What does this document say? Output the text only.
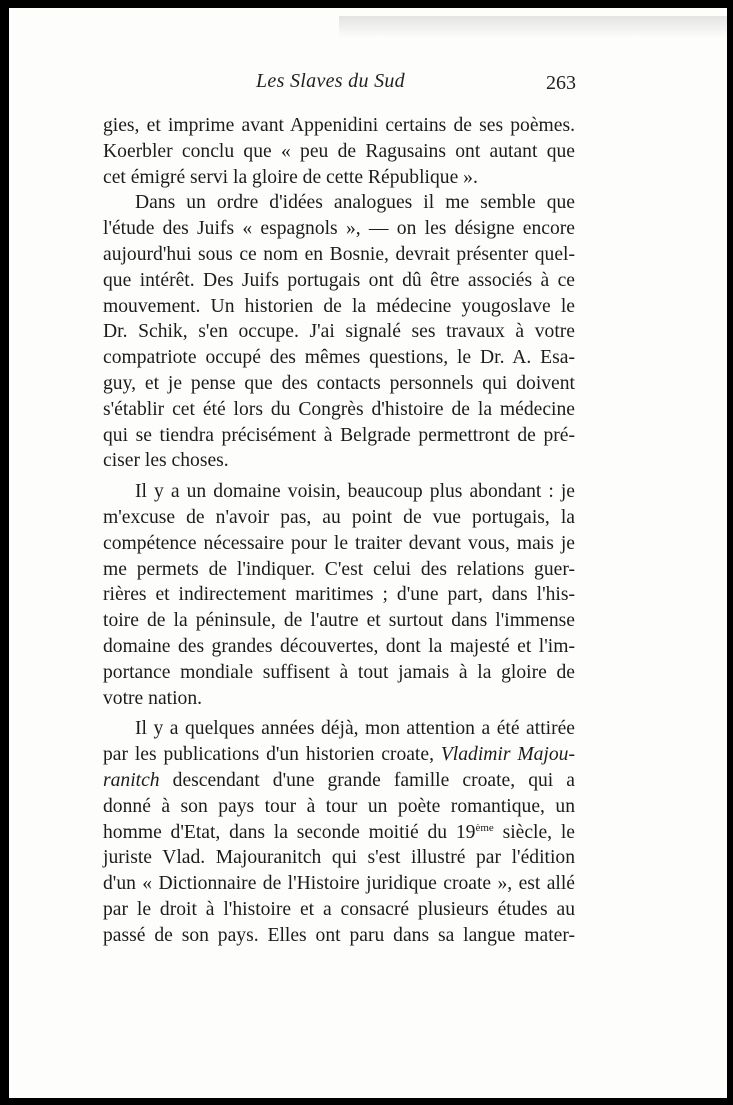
Les Slaves du Sud	263
gies, et imprime avant Appenidini certains de ses poèmes.
Koerbler conclu que « peu de Ragusains ont autant que
cet émigré servi la gloire de cette République ».
Dans un ordre d'idées analogues il me semble que
l'étude des Juifs « espagnols », — on les désigne encore
aujourd'hui sous ce nom en Bosnie, devrait présenter quel-
que intérêt. Des Juifs portugais ont dû être associés à ce
mouvement. Un historien de la médecine yougoslave le
Dr. Schik, s'en occupe. J'ai signalé ses travaux à votre
compatriote occupé des mêmes questions, le Dr. A. Esa-
guy, et je pense que des contacts personnels qui doivent
s'établir cet été lors du Congrès d'histoire de la médecine
qui se tiendra précisément à Belgrade permettront de pré-
ciser les choses.
Il y a un domaine voisin, beaucoup plus abondant : je
m'excuse de n'avoir pas, au point de vue portugais, la
compétence nécessaire pour le traiter devant vous, mais je
me permets de l'indiquer. C'est celui des relations guer-
rières et indirectement maritimes ; d'une part, dans l'his-
toire de la péninsule, de l'autre et surtout dans l'immense
domaine des grandes découvertes, dont la majesté et l'im-
portance mondiale suffisent à tout jamais à la gloire de
votre nation.
Il y a quelques années déjà, mon attention a été attirée
par les publications d'un historien croate, Vladimir Majou-
ranitch descendant d'une grande famille croate, qui a
donné à son pays tour à tour un poète romantique, un
homme d'Etat, dans la seconde moitié du 19ème siècle, le
juriste Vlad. Majouranitch qui s'est illustré par l'édition
d'un « Dictionnaire de l'Histoire juridique croate », est allé
par le droit à l'histoire et a consacré plusieurs études au
passé de son pays. Elles ont paru dans sa langue mater-
